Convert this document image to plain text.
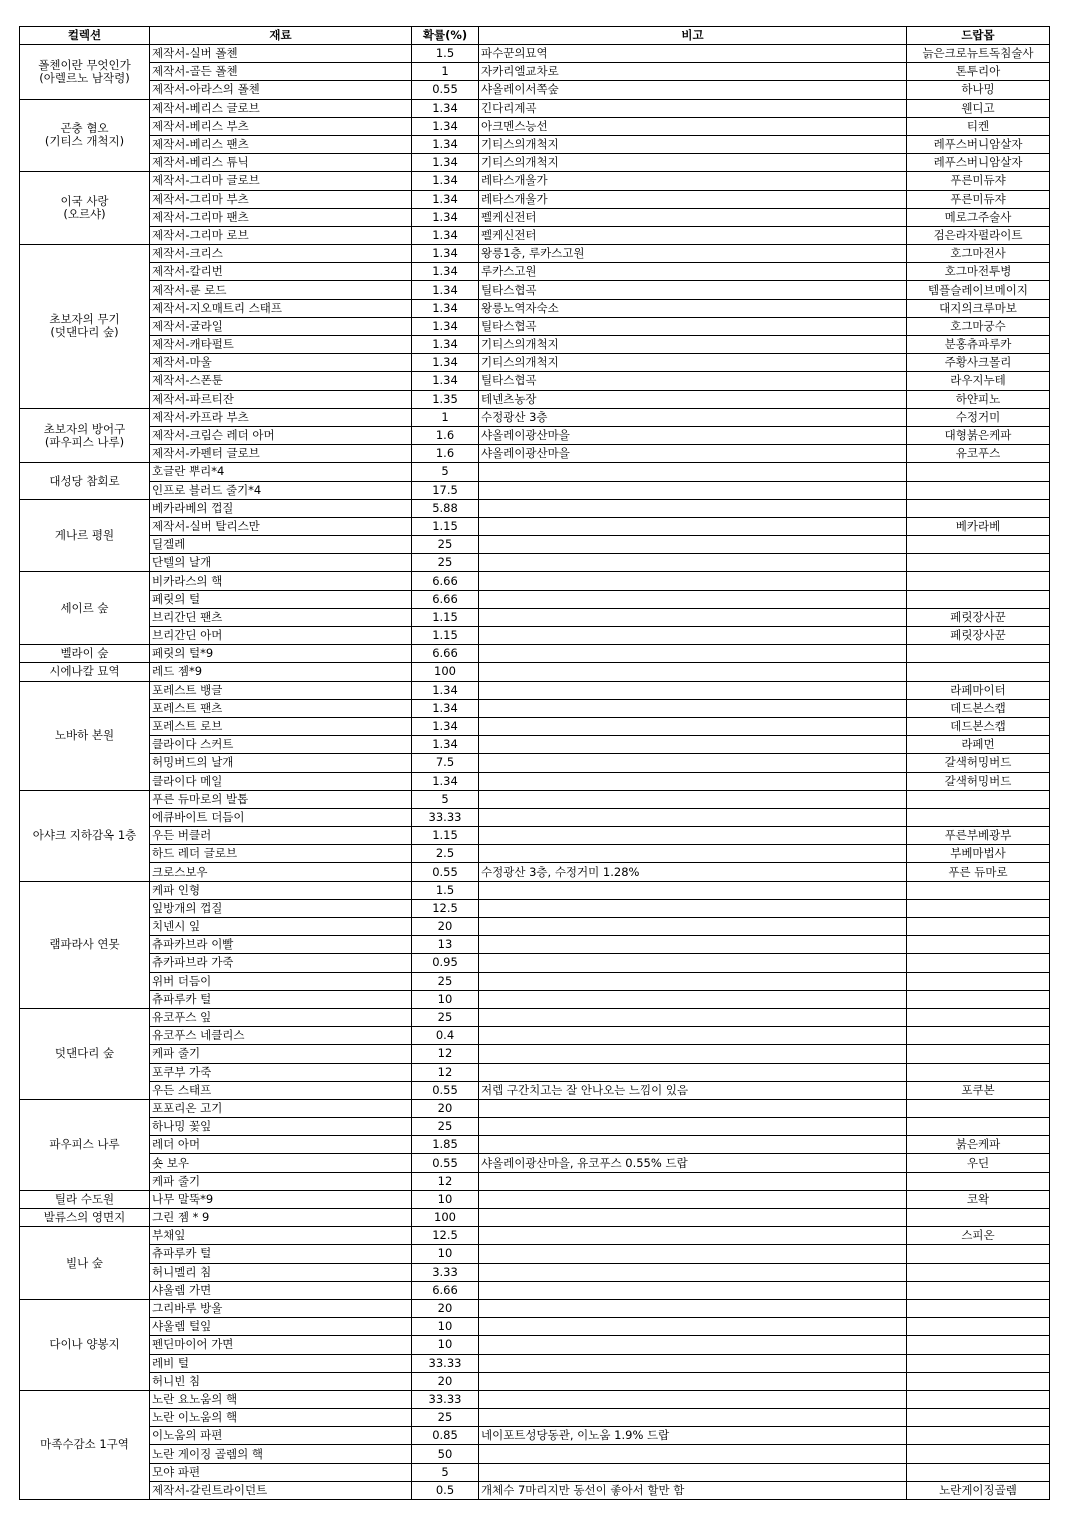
컬렉션	재료	확률(%)	비고	드랍몹
폴첸이란 무엇인가
(아렐르노 남작령)	제작서-실버 폴첸	1.5	파수꾼의묘역	늙은크로뉴트독침술사
	제작서-골든 폴첸	1	자카리엘교차로	톤투리아
	제작서-아라스의 폴첸	0.55	샤올레이서쪽숲	하나밍
곤충 혐오
(기티스 개척지)	제작서-베리스 글로브	1.34	긴다리계곡	웬디고
	제작서-베리스 부츠	1.34	아크멘스능선	티켄
	제작서-베리스 팬츠	1.34	기티스의개척지	레푸스버니암살자
	제작서-베리스 튜닉	1.34	기티스의개척지	레푸스버니암살자
이국 사랑
(오르샤)	제작서-그리마 글로브	1.34	레타스개울가	푸른미듀쟈
	제작서-그리마 부츠	1.34	레타스개울가	푸른미듀쟈
	제작서-그리마 팬츠	1.34	펠케신전터	메로그주술사
	제작서-그리마 로브	1.34	펠케신전터	검은라자펄라이트
초보자의 무기
(덧댄다리 숲)	제작서-크리스	1.34	왕릉1층, 루카스고원	호그마전사
	제작서-칼리번	1.34	루카스고원	호그마전투병
	제작서-룬 로드	1.34	틸타스협곡	템플슬레이브메이지
	제작서-지오매트리 스태프	1.34	왕릉노역자숙소	대지의크루마보
	제작서-굴라일	1.34	틸타스협곡	호그마궁수
	제작서-캐타펄트	1.34	기티스의개척지	분홍츄파루카
	제작서-마울	1.34	기티스의개척지	주황사크몰리
	제작서-스폰툰	1.34	틸타스협곡	라우지누테
	제작서-파르티잔	1.35	테넨츠농장	하얀피노
초보자의 방어구
(파우피스 나루)	제작서-카프라 부츠	1	수정광산 3층	수정거미
	제작서-크림슨 레더 아머	1.6	샤올레이광산마을	대형붉은케파
	제작서-카펜터 글로브	1.6	샤올레이광산마을	유코푸스
대성당 참회로	호글란 뿌리*4	5		
	인프로 블러드 줄기*4	17.5		
게나르 평원	베카라베의 껍질	5.88		
	제작서-실버 탈리스만	1.15		베카라베
	딜겔레	25		
	단텔의 날개	25		
세이르 숲	비카라스의 핵	6.66		
	페릿의 털	6.66		
	브리간딘 팬츠	1.15		페릿장사꾼
	브리간딘 아머	1.15		페릿장사꾼
벨라이 숲	페릿의 털*9	6.66		
시에나칼 묘역	레드 젬*9	100		
노바하 본원	포레스트 뱅글	1.34		라페마이터
	포레스트 팬츠	1.34		데드본스캡
	포레스트 로브	1.34		데드본스캡
	클라이다 스커트	1.34		라페먼
	허밍버드의 날개	7.5		갈색허밍버드
	클라이다 메일	1.34		갈색허밍버드
아샤크 지하감옥 1층	푸른 듀마로의 발톱	5		
	에큐바이트 더듬이	33.33		
	우든 버클러	1.15		푸른부베광부
	하드 레더 글로브	2.5		부베마법사
	크로스보우	0.55	수정광산 3층, 수정거미 1.28%	푸른 듀마로
램파라사 연못	케파 인형	1.5		
	잎방개의 껍질	12.5		
	치넨시 잎	20		
	츄파카브라 이빨	13		
	츄카파브라 가죽	0.95		
	위버 더듬이	25		
	츄파루카 털	10		
덧댄다리 숲	유코푸스 잎	25		
	유코푸스 네클리스	0.4		
	케파 줄기	12		
	포쿠부 가죽	12		
	우든 스태프	0.55	저렙 구간치고는 잘 안나오는 느낌이 있음	포쿠본
파우피스 나루	포포리온 고기	20		
	하나밍 꽃잎	25		
	레더 아머	1.85		붉은케파
	숏 보우	0.55	샤올레이광산마을, 유코푸스 0.55% 드랍	우딘
	케파 줄기	12		
틸라 수도원	나무 말뚝*9	10		코왁
발류스의 영면지	그린 젬 * 9	100		
빌나 숲	부채잎	12.5		스피온
	츄파루카 털	10		
	허니멜리 침	3.33		
	샤울렘 가면	6.66		
다이나 양봉지	그리바루 방울	20		
	샤울렘 털잎	10		
	펜딘마이어 가면	10		
	레비 털	33.33		
	허니빈 침	20		
마족수감소 1구역	노란 요노움의 핵	33.33		
	노란 이노움의 핵	25		
	이노움의 파편	0.85	네이포트성당동관, 이노움 1.9% 드랍	
	노란 게이징 골렘의 핵	50		
	모야 파편	5		
	제작서-갈린트라이던트	0.5	개체수 7마리지만 동선이 좋아서 할만 함	노란게이징골렘
